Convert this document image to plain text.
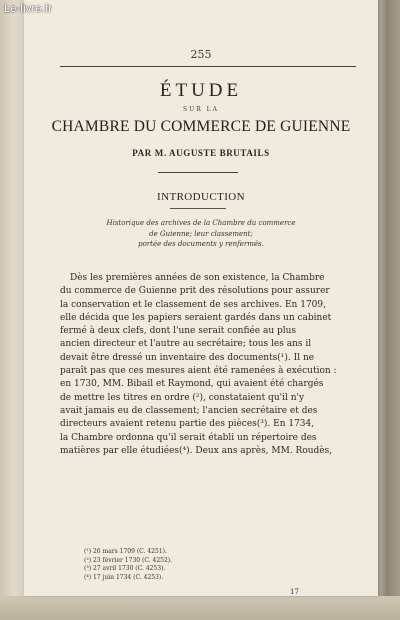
255
ÉTUDE
SUR LA
CHAMBRE DU COMMERCE DE GUIENNE
PAR M. AUGUSTE BRUTAILS
INTRODUCTION
Historique des archives de la Chambre du commerce
de Guienne; leur classement;
portée des documents y renfermés.
Dès les premières années de son existence, la Chambre
du commerce de Guienne prit des résolutions pour assurer
la conservation et le classement de ses archives. En 1709,
elle décida que les papiers seraient gardés dans un cabinet
fermé à deux clefs, dont l'une serait confiée au plus
ancien directeur et l'autre au secrétaire; tous les ans il
devait être dressé un inventaire des documents(¹). Il ne
paraît pas que ces mesures aient été ramenées à exécution :
en 1730, MM. Bibail et Raymond, qui avaient été chargés
de mettre les titres en ordre (²), constataient qu'il n'y
avait jamais eu de classement; l'ancien secrétaire et des
directeurs avaient retenu partie des pièces(³). En 1734,
la Chambre ordonna qu'il serait établi un répertoire des
matières par elle étudiées(⁴). Deux ans après, MM. Roudès,
(¹) 26 mars 1709 (C. 4251).
(²) 23 février 1730 (C. 4252).
(³) 27 avril 1730 (C. 4253).
(⁴) 17 juin 1734 (C. 4253).
17
Le-livre.fr
